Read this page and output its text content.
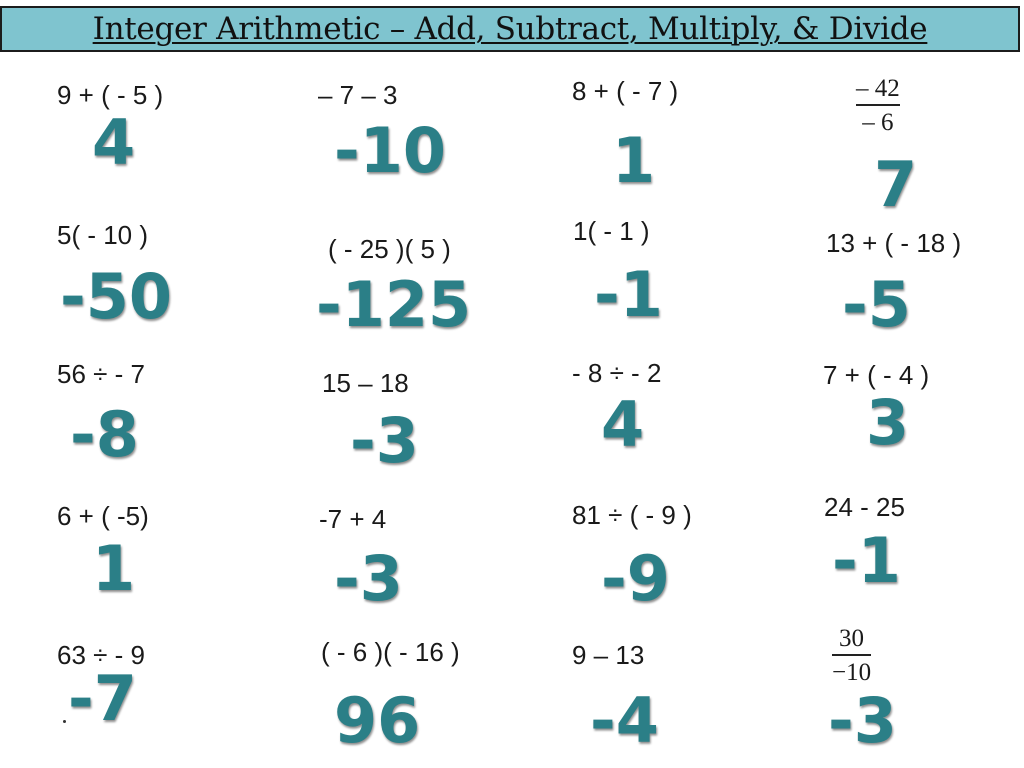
Integer Arithmetic – Add, Subtract, Multiply, & Divide
9 + ( - 5 )
4
– 7 – 3
-10
8 + ( - 7 )
1
– 42
– 6
7
5( - 10 )
-50
( - 25 )( 5 )
-125
1( - 1 )
-1
13 + ( - 18 )
-5
56 ÷ - 7
-8
15 – 18
-3
- 8 ÷ - 2
4
7 + ( - 4 )
3
6 + ( -5)
1
-7 + 4
-3
81 ÷ ( - 9 )
-9
24 - 25
-1
63 ÷ - 9
-7
( - 6 )( - 16 )
96
9 – 13
-4
30
−10
-3
